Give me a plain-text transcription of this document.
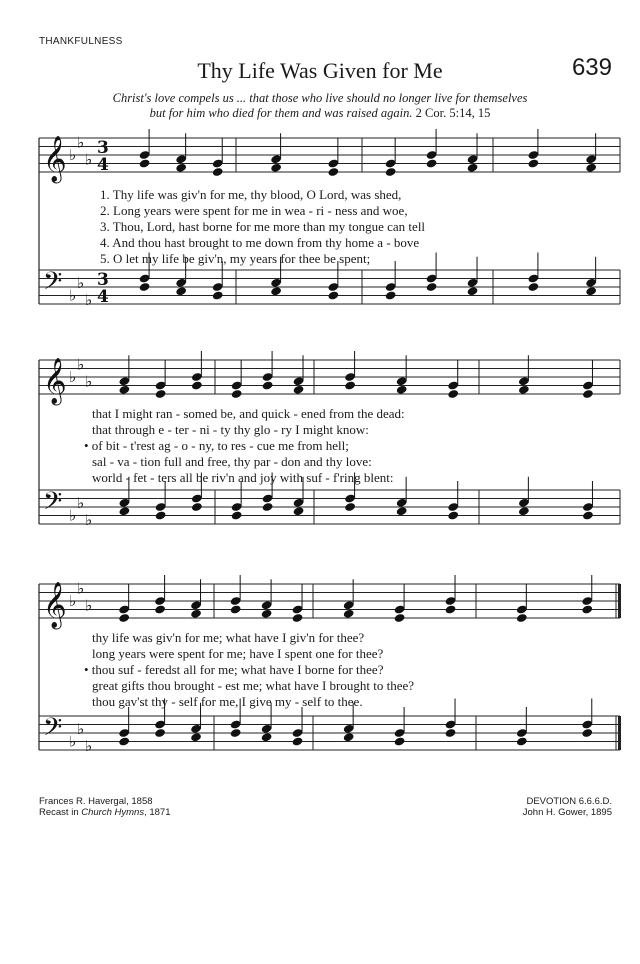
THANKFULNESS
Thy Life Was Given for Me	639
Christ's love compels us ... that those who live should no longer live for themselves
but for him who died for them and was raised again. 2 Cor. 5:14, 15
𝄞 ♭
♭
♭
3
4
𝄢 ♭
♭
♭
3
4
𝄞 ♭
♭
♭
𝄢 ♭
♭
♭
𝄞 ♭
♭
♭
𝄢 ♭
♭
♭
1. Thy life was giv'n for me, thy blood, O Lord, was shed,
2. Long years were spent for me in wea - ri - ness and woe,
3. Thou, Lord, hast borne for me more than my tongue can tell
4. And thou hast brought to me down from thy home a - bove
5. O let my life be giv'n, my years for thee be spent;
that I might ran - somed be, and quick - ened from the dead:
that through e - ter - ni - ty thy glo - ry I might know:
• of bit - t'rest ag - o - ny, to res - cue me from hell;
sal - va - tion full and free, thy par - don and thy love:
world - fet - ters all be riv'n and joy with suf - f'ring blent:
thy life was giv'n for me; what have I giv'n for thee?
long years were spent for me; have I spent one for thee?
• thou suf - feredst all for me; what have I borne for thee?
great gifts thou brought - est me; what have I brought to thee?
thou gav'st thy - self for me, I give my - self to thee.
Frances R. Havergal, 1858
Recast in Church Hymns, 1871
DEVOTION 6.6.6.D.
John H. Gower, 1895
